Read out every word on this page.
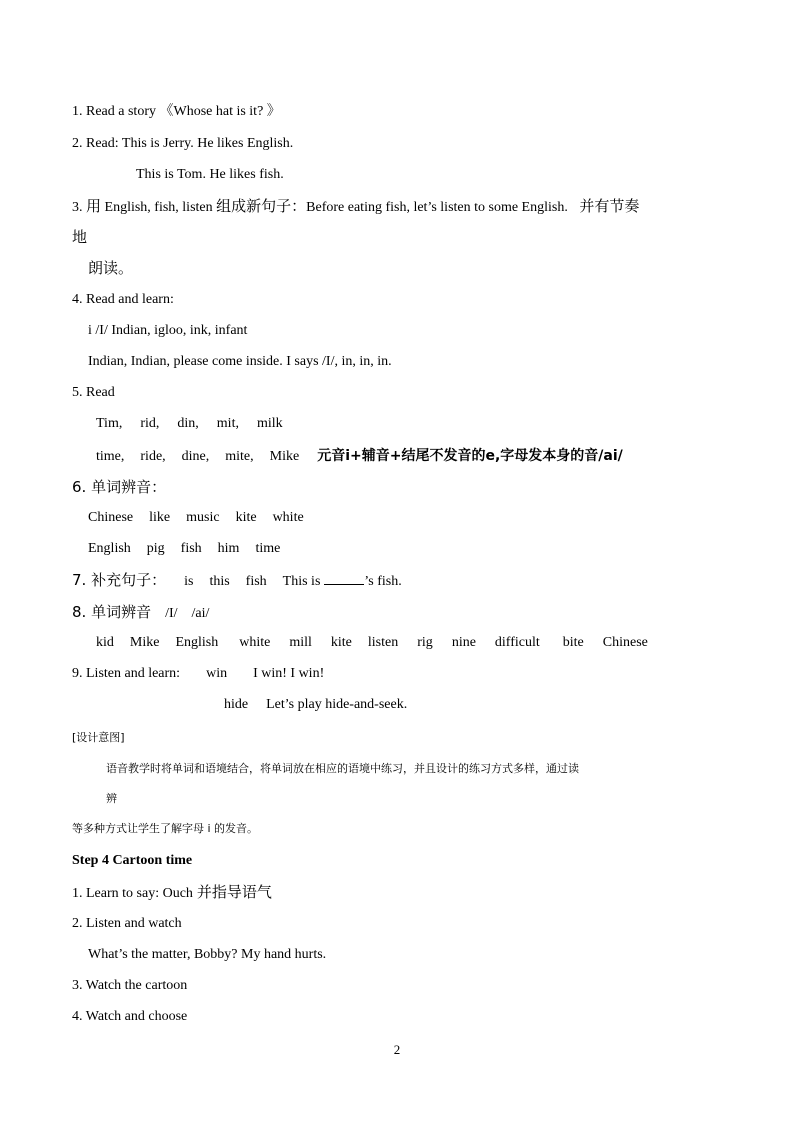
1. Read a story 《Whose hat is it? 》
2. Read: This is Jerry. He likes English.
This is Tom. He likes fish.
3. 用 English, fish, listen 组成新句子：Before eating fish, let’s listen to some English. 并有节奏
地
朗读。
4. Read and learn:
i /I/ Indian, igloo, ink, infant
Indian, Indian, please come inside. I says /I/, in, in, in.
5. Read
Tim, rid, din, mit, milk
time, ride, dine, mite, Mike 元音i+辅音+结尾不发音的e,字母发本身的音/ai/
6. 单词辨音：
Chinese like music kite white
English pig fish him time
7. 补充句子： is this fish This is	’s fish.
8. 单词辨音 /I/ /ai/
kid Mike English white mill kite listen rig nine difficult bite Chinese
9. Listen and learn: win I win! I win!
hide Let’s play hide-and-seek.
[设计意图]
语音教学时将单词和语境结合，将单词放在相应的语境中练习，并且设计的练习方式多样，通过读
辨
等多种方式让学生了解字母 i 的发音。
Step 4 Cartoon time
1. Learn to say: Ouch 并指导语气
2. Listen and watch
What’s the matter, Bobby? My hand hurts.
3. Watch the cartoon
4. Watch and choose
2
